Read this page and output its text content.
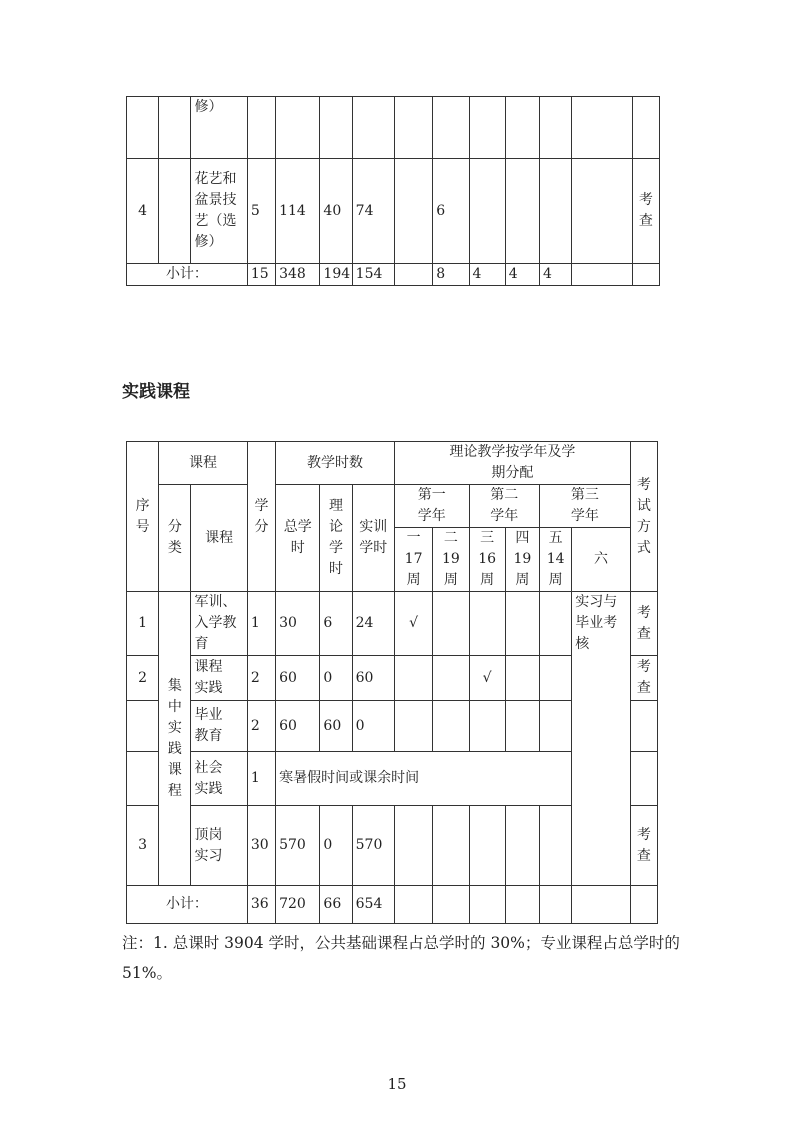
		修）											

4		花艺和盆景技艺（选修）	5	114	40	74		6					考查

小计：			15	348	194	154		8	4	4	4		
实践课程
序号	课程		学分	教学时数			理论教学按学年及学期分配						考试方式

	分类	课程		总学时	理论学时	实训学时	第一学年		第二学年		第三学年		

							一17周	二19周	三16周	四19周	五14周	六	
1	集中实践课程	军训、入学教育	1	30	6	24	√					实习与毕业考核	考查

2		课程实践	2	60	0	60			√				考查

		毕业教育	2	60	60	0							

		社会实践	1	寒暑假时间或课余时间									
3		顶岗实习	30	570	0	570							考查

小计：			36	720	66	654							
注：1. 总课时 3904 学时，公共基础课程占总学时的 30%；专业课程占总学时的 51%。
15
